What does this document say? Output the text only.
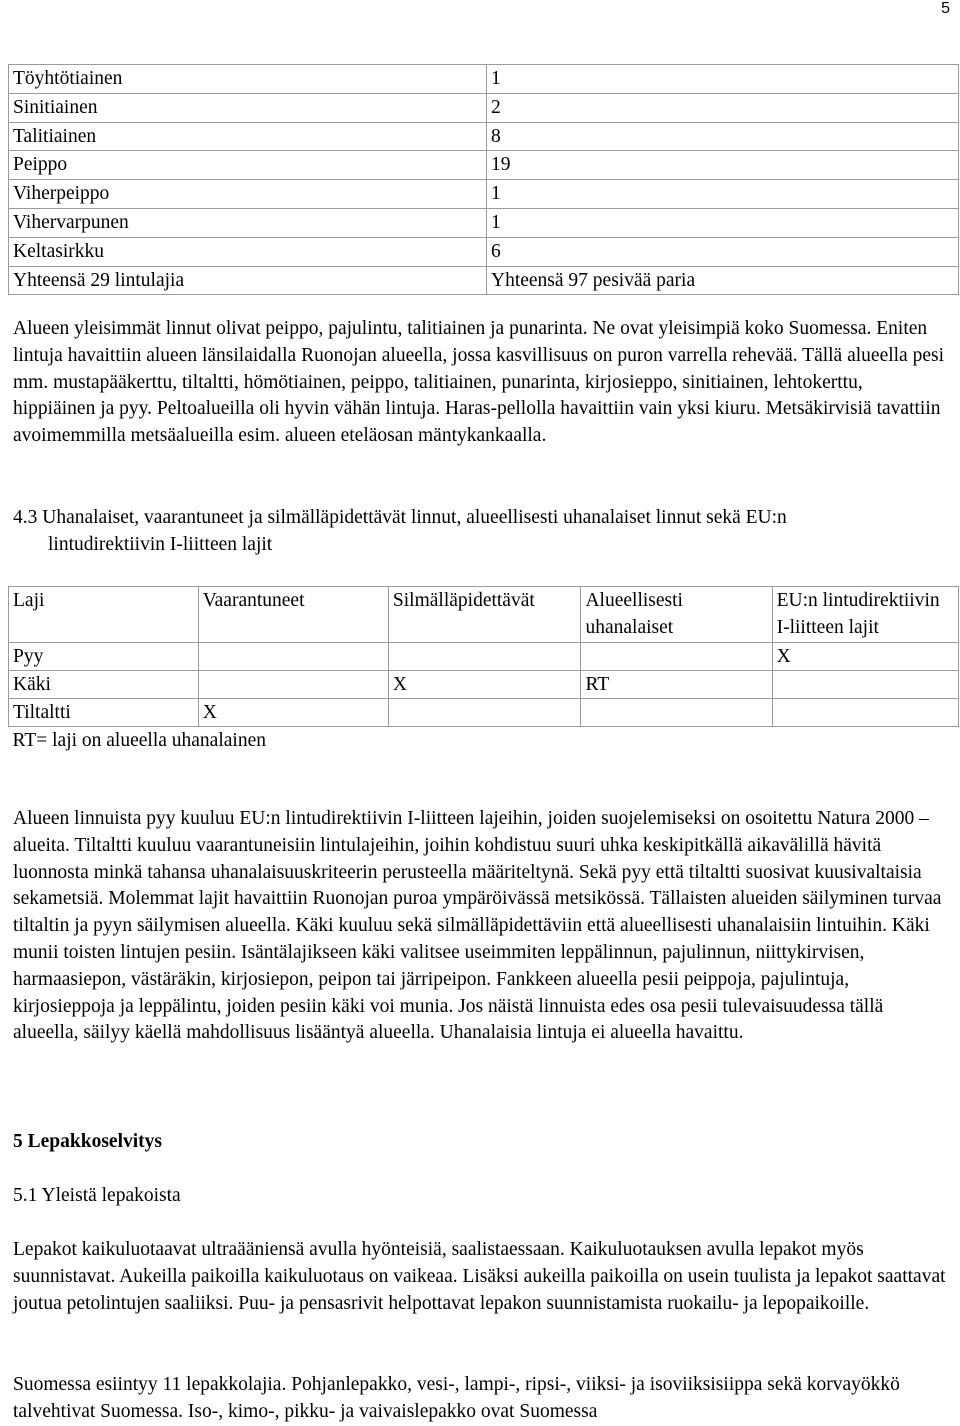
5
Töyhtötiainen	1
Sinitiainen	2
Talitiainen	8
Peippo	19
Viherpeippo	1
Vihervarpunen	1
Keltasirkku	6
Yhteensä 29 lintulajia	Yhteensä 97 pesivää paria

Alueen yleisimmät linnut olivat peippo, pajulintu, talitiainen ja punarinta. Ne ovat yleisimpiä koko Suomessa. Eniten lintuja havaittiin alueen länsilaidalla Ruonojan alueella, jossa kasvillisuus on puron varrella rehevää. Tällä alueella pesi mm. mustapääkerttu, tiltaltti, hömötiainen, peippo, talitiainen, punarinta, kirjosieppo, sinitiainen, lehtokerttu, hippiäinen ja pyy. Peltoalueilla oli hyvin vähän lintuja. Haras-pellolla havaittiin vain yksi kiuru. Metsäkirvisiä tavattiin avoimemmilla metsäalueilla esim. alueen eteläosan mäntykankaalla.

4.3 Uhanalaiset, vaarantuneet ja silmälläpidettävät linnut, alueellisesti uhanalaiset linnut sekä EU:n
lintudirektiivin I-liitteen lajit
Laji	Vaarantuneet	Silmälläpidettävät	Alueellisesti uhanalaiset	EU:n lintudirektiivin I-liitteen lajit
Pyy				X
Käki		X	RT	
Tiltaltti	X			
RT= laji on alueella uhanalainen				

Alueen linnuista pyy kuuluu EU:n lintudirektiivin I-liitteen lajeihin, joiden suojelemiseksi on osoitettu Natura 2000 – alueita. Tiltaltti kuuluu vaarantuneisiin lintulajeihin, joihin kohdistuu suuri uhka keskipitkällä aikavälillä hävitä luonnosta minkä tahansa uhanalaisuuskriteerin perusteella määriteltynä. Sekä pyy että tiltaltti suosivat kuusivaltaisia sekametsiä. Molemmat lajit havaittiin Ruonojan puroa ympäröivässä metsikössä. Tällaisten alueiden säilyminen turvaa tiltaltin ja pyyn säilymisen alueella. Käki kuuluu sekä silmälläpidettäviin että alueellisesti uhanalaisiin lintuihin. Käki munii toisten lintujen pesiin. Isäntälajikseen käki valitsee useimmiten leppälinnun, pajulinnun, niittykirvisen, harmaasiepon, västäräkin, kirjosiepon, peipon tai järripeipon. Fankkeen alueella pesii peippoja, pajulintuja, kirjosieppoja ja leppälintu, joiden pesiin käki voi munia. Jos näistä linnuista edes osa pesii tulevaisuudessa tällä alueella, säilyy käellä mahdollisuus lisääntyä alueella. Uhanalaisia lintuja ei alueella havaittu.

5 Lepakkoselvitys
5.1 Yleistä lepakoista

Lepakot kaikuluotaavat ultraääniensä avulla hyönteisiä, saalistaessaan. Kaikuluotauksen avulla lepakot myös suunnistavat. Aukeilla paikoilla kaikuluotaus on vaikeaa. Lisäksi aukeilla paikoilla on usein tuulista ja lepakot saattavat joutua petolintujen saaliiksi. Puu- ja pensasrivit helpottavat lepakon suunnistamista ruokailu- ja lepopaikoille.

Suomessa esiintyy 11 lepakkolajia. Pohjanlepakko, vesi-, lampi-, ripsi-, viiksi- ja isoviiksisiippa sekä korvayökkö talvehtivat Suomessa. Iso-, kimo-, pikku- ja vaivaislepakko ovat Suomessa
